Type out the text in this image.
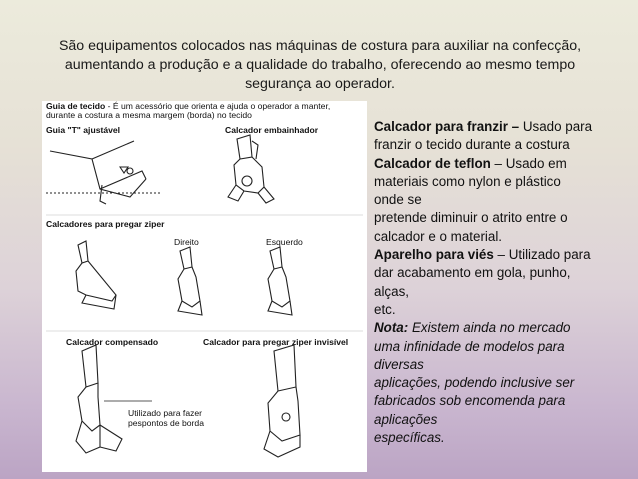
São equipamentos colocados nas máquinas de costura para auxiliar na confecção, aumentando a produção e a qualidade do trabalho, oferecendo ao mesmo tempo segurança ao operador.
Guia de tecido - É um acessório que orienta e ajuda o operador a manter,
durante a costura a mesma margem (borda) no tecido
Guia "T" ajustável	Calcador embainhador
Calcadores para pregar ziper
Direito	Esquerdo
Calcador compensado	Calcador para pregar ziper invisível
Utilizado para fazer
pespontos de borda

Calcador para franzir – Usado para

franzir o tecido durante a costura

Calcador de teflon – Usado em

materiais como nylon e plástico

onde se

pretende diminuir o atrito entre o

calcador e o material.

Aparelho para viés – Utilizado para

dar acabamento em gola, punho,

alças,

etc.

Nota: Existem ainda no mercado

uma infinidade de modelos para

diversas

aplicações, podendo inclusive ser

fabricados sob encomenda para

aplicações

específicas.
